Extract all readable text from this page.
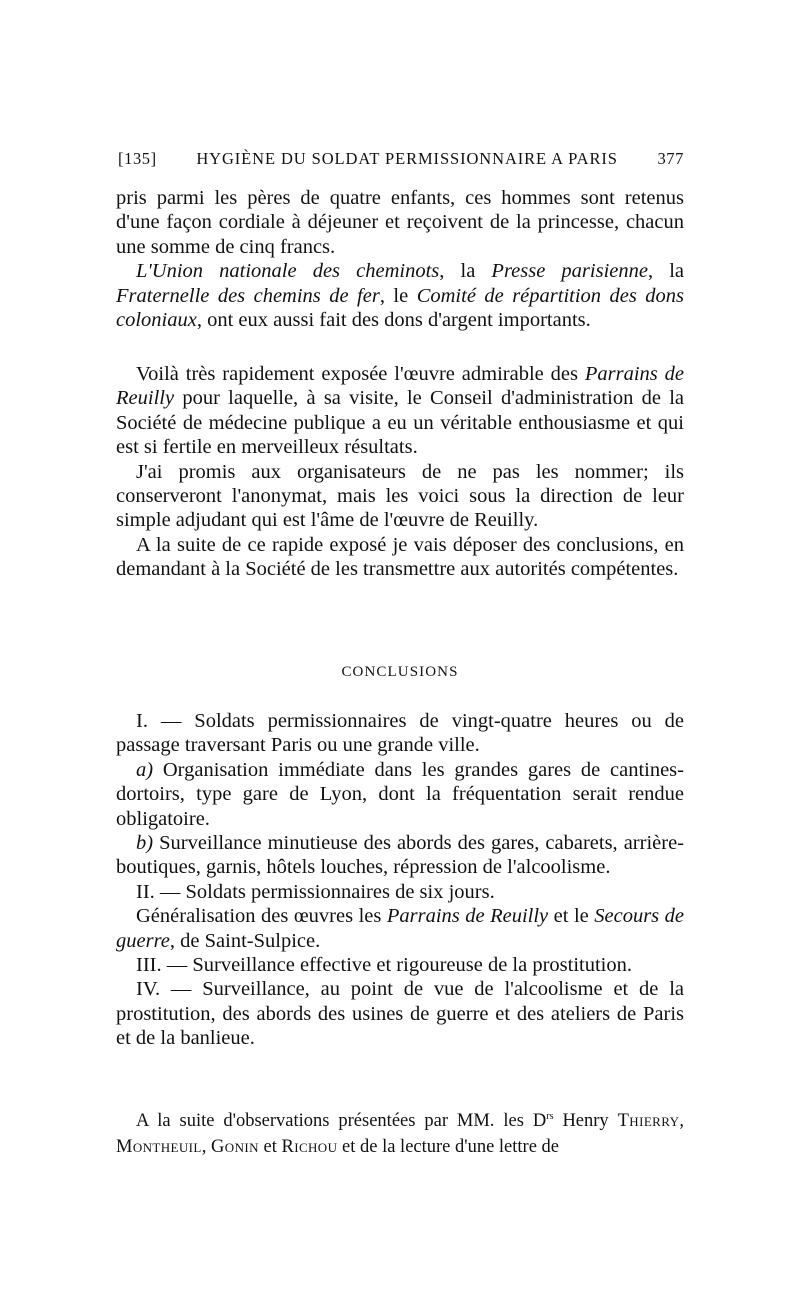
[135] HYGIÈNE DU SOLDAT PERMISSIONNAIRE A PARIS 377

pris parmi les pères de quatre enfants, ces hommes sont retenus d'une façon cordiale à déjeuner et reçoivent de la princesse, chacun une somme de cinq francs.

L'Union nationale des cheminots, la Presse parisienne, la Fraternelle des chemins de fer, le Comité de répartition des dons coloniaux, ont eux aussi fait des dons d'argent importants.

Voilà très rapidement exposée l'œuvre admirable des Parrains de Reuilly pour laquelle, à sa visite, le Conseil d'administration de la Société de médecine publique a eu un véritable enthousiasme et qui est si fertile en merveilleux résultats.

J'ai promis aux organisateurs de ne pas les nommer; ils conserveront l'anonymat, mais les voici sous la direction de leur simple adjudant qui est l'âme de l'œuvre de Reuilly.

A la suite de ce rapide exposé je vais déposer des conclusions, en demandant à la Société de les transmettre aux autorités compétentes.

CONCLUSIONS

I. — Soldats permissionnaires de vingt-quatre heures ou de passage traversant Paris ou une grande ville.

a) Organisation immédiate dans les grandes gares de cantines-dortoirs, type gare de Lyon, dont la fréquentation serait rendue obligatoire.

b) Surveillance minutieuse des abords des gares, cabarets, arrière-boutiques, garnis, hôtels louches, répression de l'alcoolisme.

II. — Soldats permissionnaires de six jours.

Généralisation des œuvres les Parrains de Reuilly et le Secours de guerre, de Saint-Sulpice.

III. — Surveillance effective et rigoureuse de la prostitution.

IV. — Surveillance, au point de vue de l'alcoolisme et de la prostitution, des abords des usines de guerre et des ateliers de Paris et de la banlieue.

A la suite d'observations présentées par MM. les $D^{rs}$ Henry Thierry, Montheuil, Gonin et Richou et de la lecture d'une lettre de
